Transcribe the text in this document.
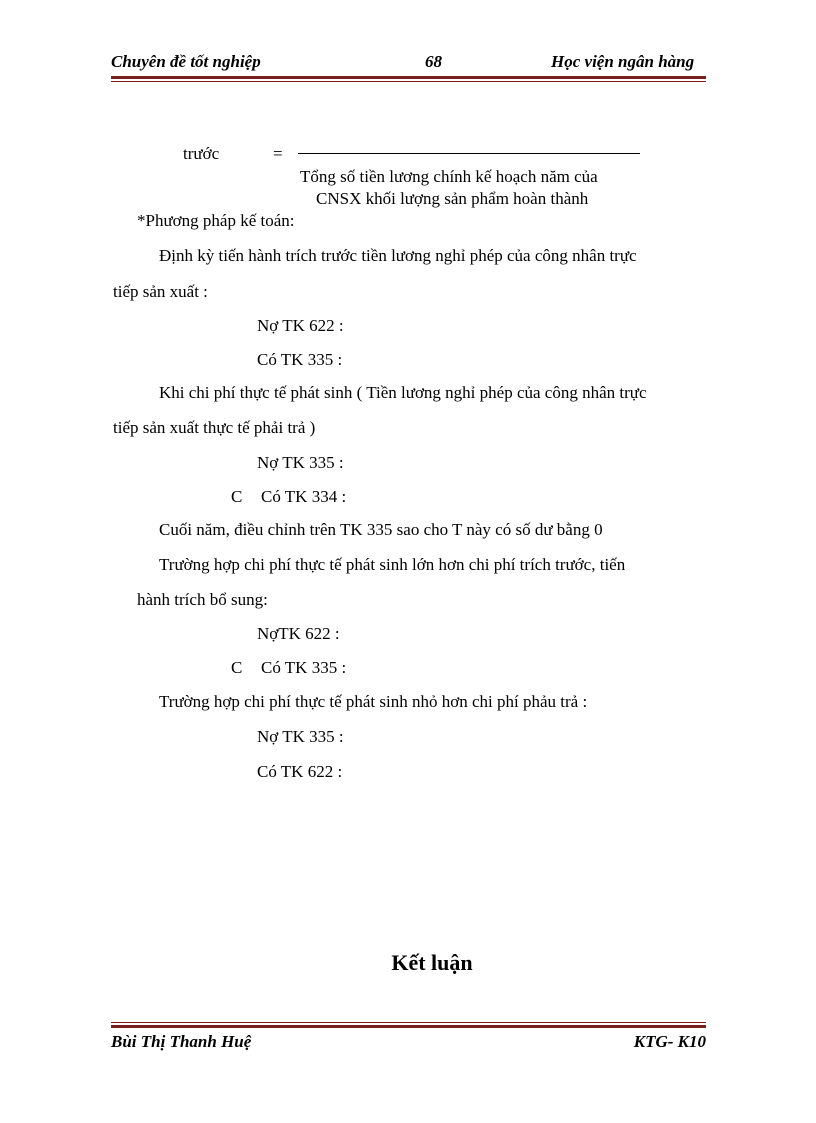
Chuyên đề tốt nghiệp	68	Học viện ngân hàng
trước	=
Tổng số tiền lương chính kế hoạch năm của
CNSX khối lượng sản phẩm hoàn thành
*Phương pháp kế toán:
Định kỳ tiến hành trích trước tiền lương nghỉ phép của công nhân trực
tiếp sản xuất :
Nợ TK 622 :
Có TK 335 :
Khi chi phí thực tế phát sinh ( Tiền lương nghỉ phép của công nhân trực
tiếp sản xuất thực tế phải trả )
Nợ TK 335 :
C Có TK 334 :
Cuối năm, điều chỉnh trên TK 335 sao cho T này có số dư bằng 0
Trường hợp chi phí thực tế phát sinh lớn hơn chi phí trích trước, tiến
hành trích bổ sung:
NợTK 622 :
C Có TK 335 :
Trường hợp chi phí thực tế phát sinh nhỏ hơn chi phí phảu trả :
Nợ TK 335 :
Có TK 622 :
Kết luận
Bùi Thị Thanh Huệ	KTG- K10
